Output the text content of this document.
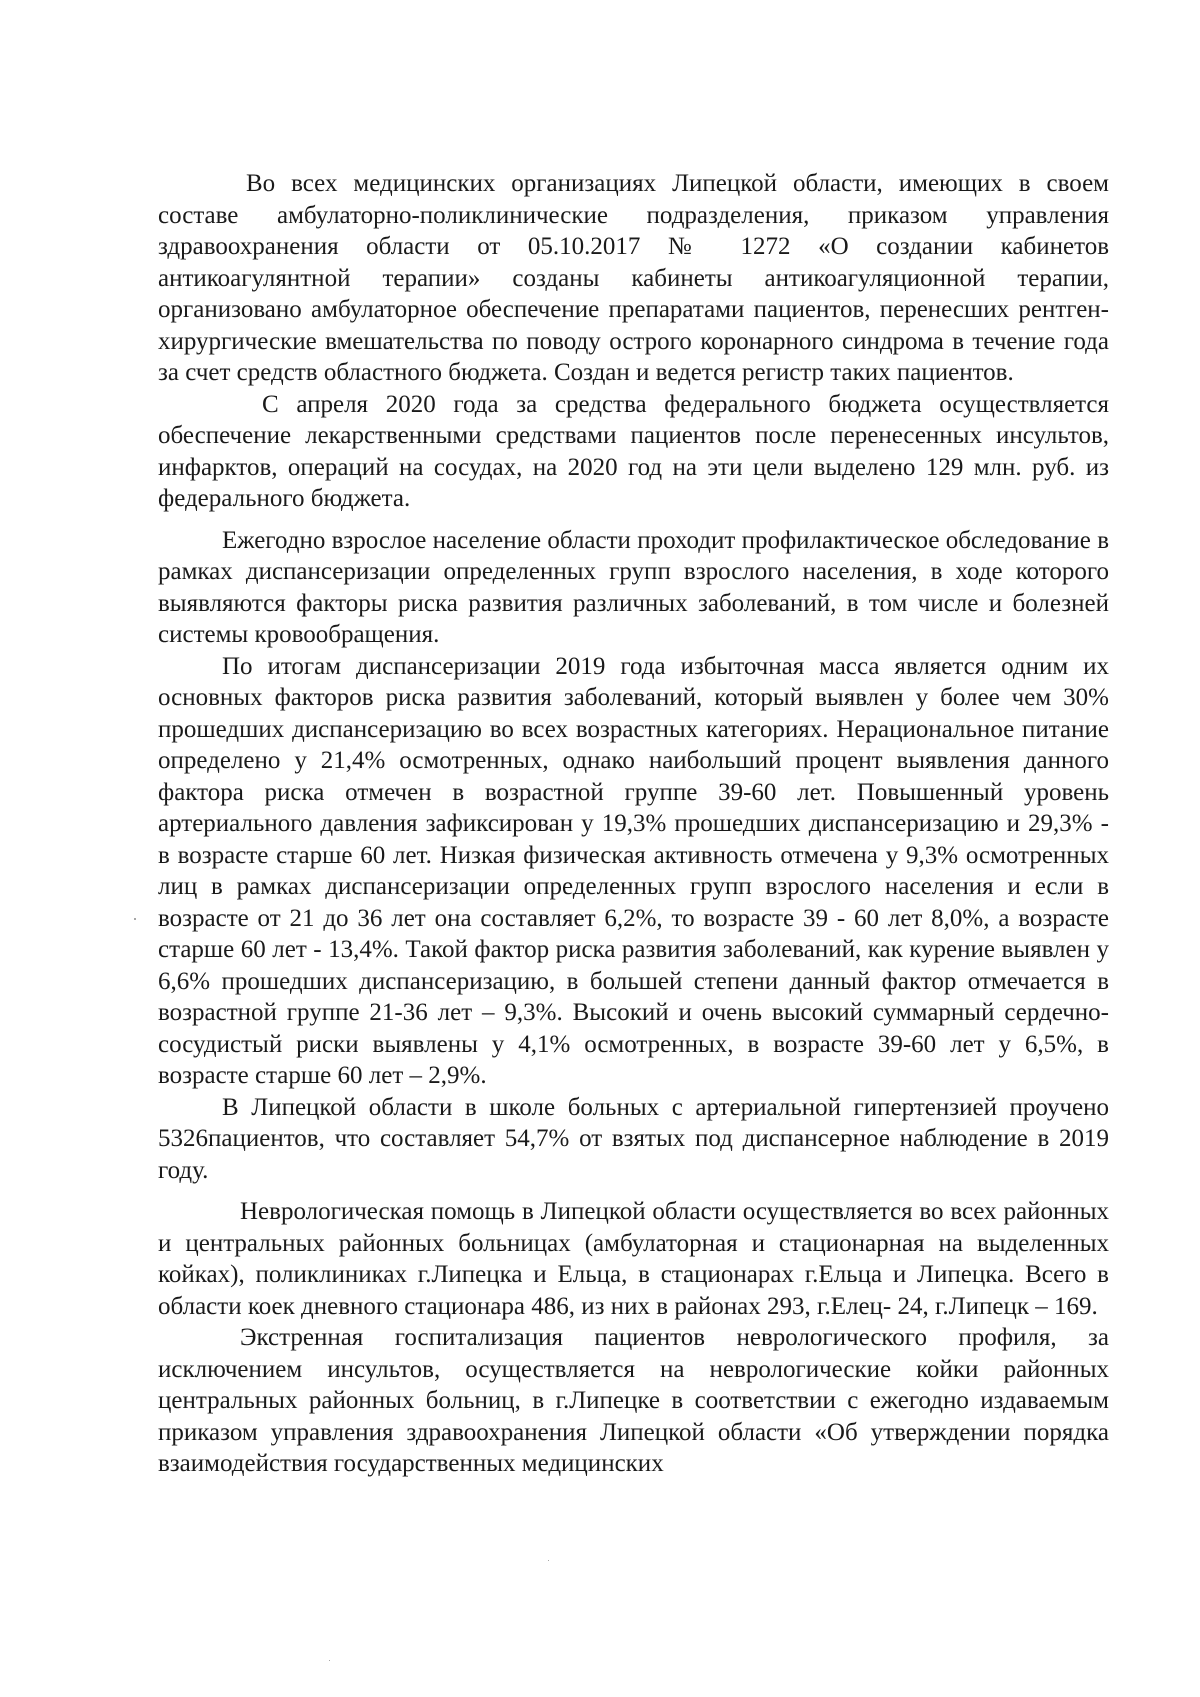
Во всех медицинских организациях Липецкой области, имеющих в своем составе амбулаторно-поликлинические подразделения, приказом управления здравоохранения области от 05.10.2017 № 1272 «О создании кабинетов антикоагулянтной терапии» созданы кабинеты антикоагуляционной терапии, организовано амбулаторное обеспечение препаратами пациентов, перенесших рентген-хирургические вмешательства по поводу острого коронарного синдрома в течение года за счет средств областного бюджета. Создан и ведется регистр таких пациентов.

С апреля 2020 года за средства федерального бюджета осуществляется обеспечение лекарственными средствами пациентов после перенесенных инсультов, инфарктов, операций на сосудах, на 2020 год на эти цели выделено 129 млн. руб. из федерального бюджета.

Ежегодно взрослое население области проходит профилактическое обследование в рамках диспансеризации определенных групп взрослого населения, в ходе которого выявляются факторы риска развития различных заболеваний, в том числе и болезней системы кровообращения.

По итогам диспансеризации 2019 года избыточная масса является одним их основных факторов риска развития заболеваний, который выявлен у более чем 30% прошедших диспансеризацию во всех возрастных категориях. Нерациональное питание определено у 21,4% осмотренных, однако наибольший процент выявления данного фактора риска отмечен в возрастной группе 39-60 лет. Повышенный уровень артериального давления зафиксирован у 19,3% прошедших диспансеризацию и 29,3% - в возрасте старше 60 лет. Низкая физическая активность отмечена у 9,3% осмотренных лиц в рамках диспансеризации определенных групп взрослого населения и если в возрасте от 21 до 36 лет она составляет 6,2%, то возрасте 39 - 60 лет 8,0%, а возрасте старше 60 лет - 13,4%. Такой фактор риска развития заболеваний, как курение выявлен у 6,6% прошедших диспансеризацию, в большей степени данный фактор отмечается в возрастной группе 21-36 лет – 9,3%. Высокий и очень высокий суммарный сердечно-сосудистый риски выявлены у 4,1% осмотренных, в возрасте 39-60 лет у 6,5%, в возрасте старше 60 лет – 2,9%.

В Липецкой области в школе больных с артериальной гипертензией проучено 5326пациентов, что составляет 54,7% от взятых под диспансерное наблюдение в 2019 году.

Неврологическая помощь в Липецкой области осуществляется во всех районных и центральных районных больницах (амбулаторная и стационарная на выделенных койках), поликлиниках г.Липецка и Ельца, в стационарах г.Ельца и Липецка. Всего в области коек дневного стационара 486, из них в районах 293, г.Елец- 24, г.Липецк – 169.

Экстренная госпитализация пациентов неврологического профиля, за исключением инсультов, осуществляется на неврологические койки районных центральных районных больниц, в г.Липецке в соответствии с ежегодно издаваемым приказом управления здравоохранения Липецкой области «Об утверждении порядка взаимодействия государственных медицинских
